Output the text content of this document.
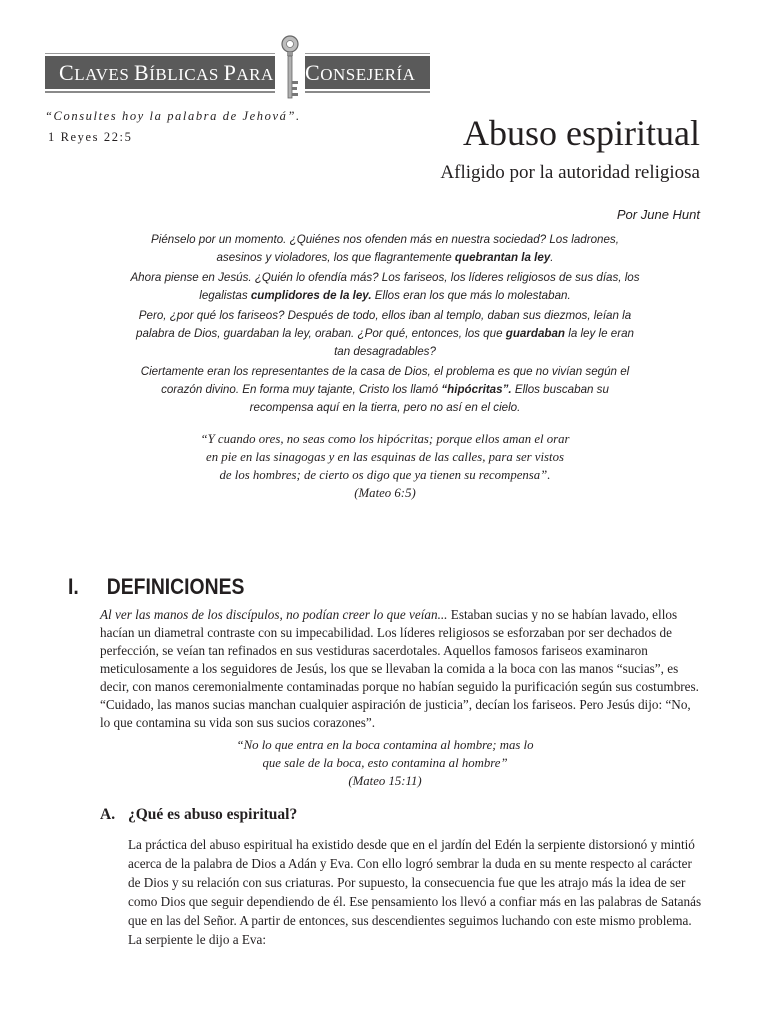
CLAVES BÍBLICAS PARA CONSEJERÍA
“Consultes hoy la palabra de Jehová”.
1 Reyes 22:5	Abuso espiritual
Afligido por la autoridad religiosa
Por June Hunt

Piénselo por un momento. ¿Quiénes nos ofenden más en nuestra sociedad? Los ladrones, asesinos y violadores, los que flagrantemente quebrantan la ley.

Ahora piense en Jesús. ¿Quién lo ofendía más? Los fariseos, los líderes religiosos de sus días, los legalistas cumplidores de la ley. Ellos eran los que más lo molestaban.

Pero, ¿por qué los fariseos? Después de todo, ellos iban al templo, daban sus diezmos, leían la palabra de Dios, guardaban la ley, oraban. ¿Por qué, entonces, los que guardaban la ley le eran tan desagradables?

Ciertamente eran los representantes de la casa de Dios, el problema es que no vivían según el corazón divino. En forma muy tajante, Cristo los llamó “hipócritas”. Ellos buscaban su recompensa aquí en la tierra, pero no así en el cielo.

“Y cuando ores, no seas como los hipócritas; porque ellos aman el orar

en pie en las sinagogas y en las esquinas de las calles, para ser vistos

de los hombres; de cierto os digo que ya tienen su recompensa”.

(Mateo 6:5)

I. DEFINICIONES

Al ver las manos de los discípulos, no podían creer lo que veían... Estaban sucias y no se habían lavado, ellos hacían un diametral contraste con su impecabilidad. Los líderes religiosos se esforzaban por ser dechados de perfección, se veían tan refinados en sus vestiduras sacerdotales. Aquellos famosos fariseos examinaron meticulosamente a los seguidores de Jesús, los que se llevaban la comida a la boca con las manos “sucias”, es decir, con manos ceremonialmente contaminadas porque no habían seguido la purificación según sus costumbres. “Cuidado, las manos sucias manchan cualquier aspiración de justicia”, decían los fariseos. Pero Jesús dijo: “No, lo que contamina su vida son sus sucios corazones”.

“No lo que entra en la boca contamina al hombre; mas lo

que sale de la boca, esto contamina al hombre”

(Mateo 15:11)

A. ¿Qué es abuso espiritual?

La práctica del abuso espiritual ha existido desde que en el jardín del Edén la serpiente distorsionó y mintió acerca de la palabra de Dios a Adán y Eva. Con ello logró sembrar la duda en su mente respecto al carácter de Dios y su relación con sus criaturas. Por supuesto, la consecuencia fue que les atrajo más la idea de ser como Dios que seguir dependiendo de él. Ese pensamiento los llevó a confiar más en las palabras de Satanás que en las del Señor. A partir de entonces, sus descendientes seguimos luchando con este mismo problema. La serpiente le dijo a Eva:
